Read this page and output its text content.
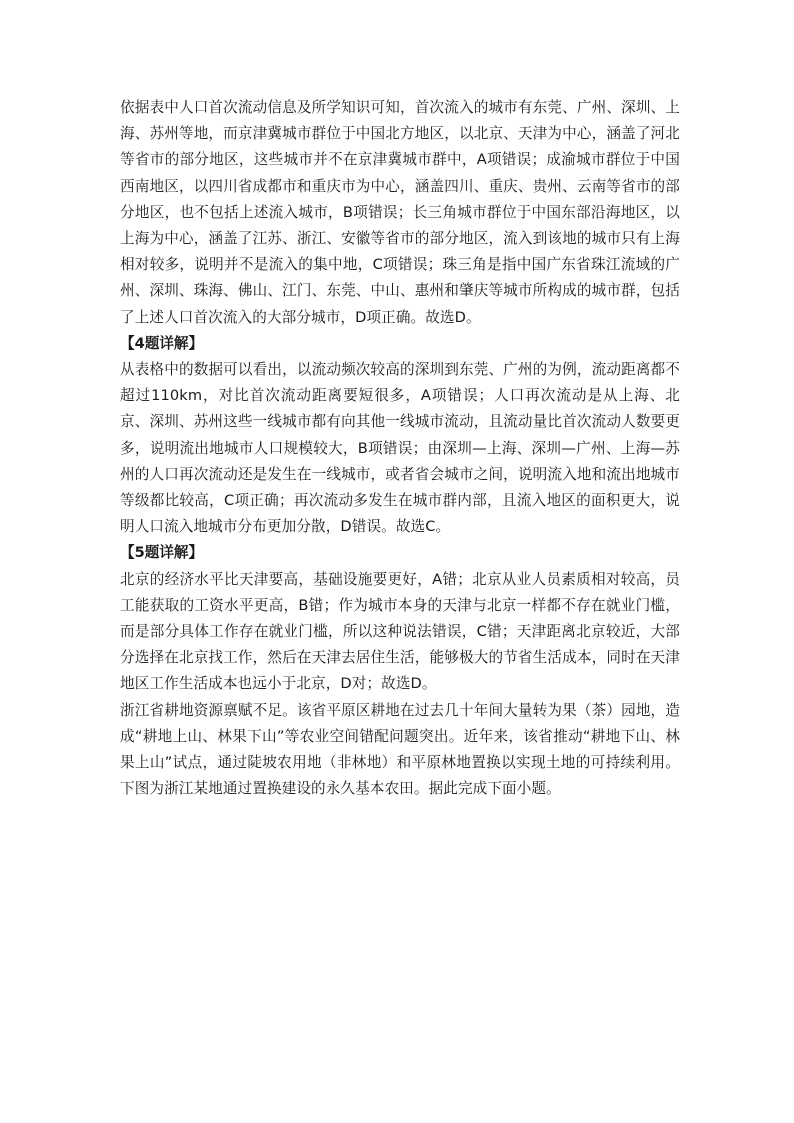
依据表中人口首次流动信息及所学知识可知，首次流入的城市有东莞、广州、深圳、上海、苏州等地，而京津冀城市群位于中国北方地区，以北京、天津为中心，涵盖了河北等省市的部分地区，这些城市并不在京津冀城市群中，A项错误；成渝城市群位于中国西南地区，以四川省成都市和重庆市为中心，涵盖四川、重庆、贵州、云南等省市的部分地区，也不包括上述流入城市，B项错误；长三角城市群位于中国东部沿海地区，以上海为中心，涵盖了江苏、浙江、安徽等省市的部分地区，流入到该地的城市只有上海相对较多，说明并不是流入的集中地，C项错误；珠三角是指中国广东省珠江流域的广州、深圳、珠海、佛山、江门、东莞、中山、惠州和肇庆等城市所构成的城市群，包括了上述人口首次流入的大部分城市，D项正确。故选D。

【4题详解】

从表格中的数据可以看出，以流动频次较高的深圳到东莞、广州的为例，流动距离都不超过110km，对比首次流动距离要短很多，A项错误；人口再次流动是从上海、北京、深圳、苏州这些一线城市都有向其他一线城市流动，且流动量比首次流动人数要更多，说明流出地城市人口规模较大，B项错误；由深圳—上海、深圳—广州、上海—苏州的人口再次流动还是发生在一线城市，或者省会城市之间，说明流入地和流出地城市等级都比较高，C项正确；再次流动多发生在城市群内部，且流入地区的面积更大，说明人口流入地城市分布更加分散，D错误。故选C。

【5题详解】

北京的经济水平比天津要高，基础设施要更好，A错；北京从业人员素质相对较高，员工能获取的工资水平更高，B错；作为城市本身的天津与北京一样都不存在就业门槛，而是部分具体工作存在就业门槛，所以这种说法错误，C错；天津距离北京较近，大部分选择在北京找工作，然后在天津去居住生活，能够极大的节省生活成本，同时在天津地区工作生活成本也远小于北京，D对；故选D。

浙江省耕地资源禀赋不足。该省平原区耕地在过去几十年间大量转为果（茶）园地，造成“耕地上山、林果下山”等农业空间错配问题突出。近年来，该省推动“耕地下山、林果上山”试点，通过陡坡农用地（非林地）和平原林地置换以实现土地的可持续利用。下图为浙江某地通过置换建设的永久基本农田。据此完成下面小题。
